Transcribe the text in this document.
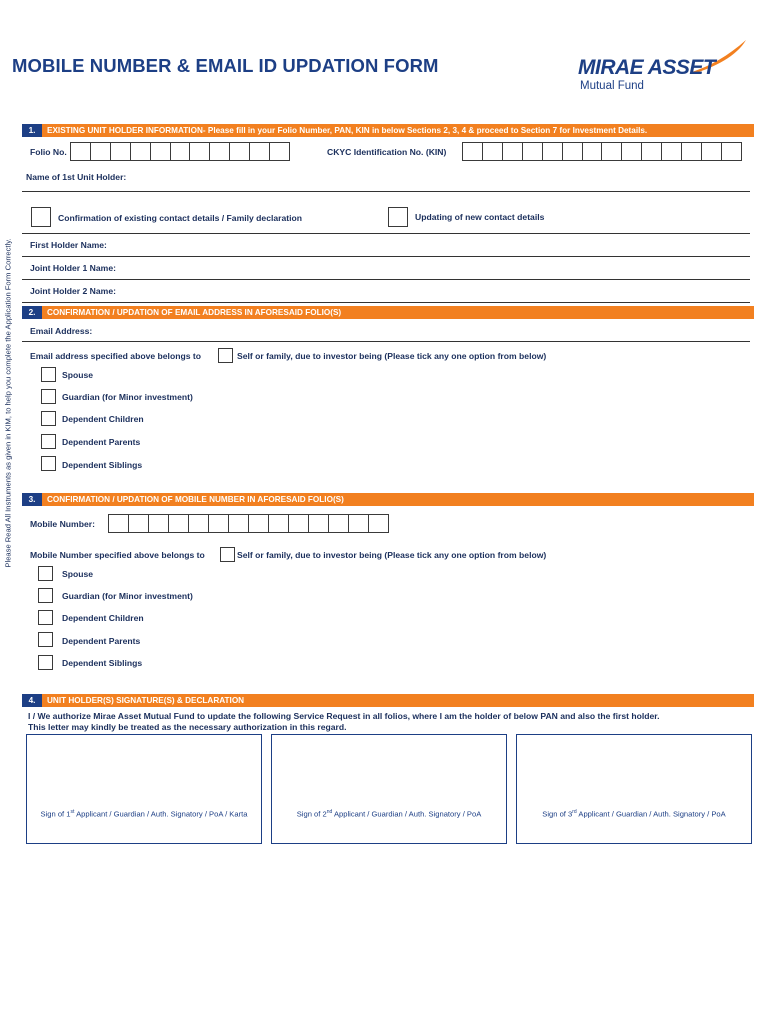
MOBILE NUMBER & EMAIL ID UPDATION FORM	MIRAE ASSET
Mutual Fund
Please Read All Instruments as given in KIM, to help you complete the Application Form Correctly.
1. EXISTING UNIT HOLDER INFORMATION- Please fill in your Folio Number, PAN, KIN in below Sections 2, 3, 4 & proceed to Section 7 for Investment Details.
Folio No.	CKYC Identification No. (KIN)
Name of 1st Unit Holder:
Confirmation of existing contact details / Family declaration	Updating of new contact details
First Holder Name:
Joint Holder 1 Name:
Joint Holder 2 Name:
2. CONFIRMATION / UPDATION OF EMAIL ADDRESS IN AFORESAID FOLIO(S)
Email Address:
Email address specified above belongs to	Self or family, due to investor being (Please tick any one option from below)
Spouse
Guardian (for Minor investment)
Dependent Children
Dependent Parents
Dependent Siblings
3. CONFIRMATION / UPDATION OF MOBILE NUMBER IN AFORESAID FOLIO(S)
Mobile Number:
Mobile Number specified above belongs to	Self or family, due to investor being (Please tick any one option from below)
Spouse
Guardian (for Minor investment)
Dependent Children
Dependent Parents
Dependent Siblings
4. UNIT HOLDER(S) SIGNATURE(S) & DECLARATION
I / We authorize Mirae Asset Mutual Fund to update the following Service Request in all folios, where I am the holder of below PAN and also the first holder.
This letter may kindly be treated as the necessary authorization in this regard.
Sign of 1st Applicant / Guardian / Auth. Signatory / PoA / Karta	Sign of 2nd Applicant / Guardian / Auth. Signatory / PoA	Sign of 3rd Applicant / Guardian / Auth. Signatory / PoA
